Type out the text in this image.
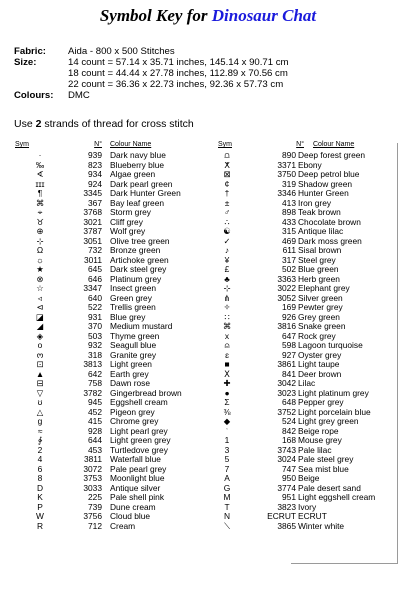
Symbol Key for Dinosaur Chat
Fabric: Aida - 800 x 500 Stitches
Size:	14 count = 57.14 x 35.71 inches, 145.14 x 90.71 cm
18 count = 44.44 x 27.78 inches, 112.89 x 70.56 cm
22 count = 36.36 x 22.73 inches, 92.36 x 57.73 cm
Colours: DMC
Use 2 strands of thread for cross stitch
Sym	N° Colour Name
·	939 Dark navy blue
‰	823 Blueberry blue
∢	934 Algae green
ɪɪɪ	924 Dark pearl green
¶	3345 Dark Hunter Green
⌘	367 Bay leaf green
⌖	3768 Storm grey
♉	3021 Cliff grey
⊕	3787 Wolf grey
⊹	3051 Olive tree green
Ω	732 Bronze green
☼	3011 Artichoke green
★	645 Dark steel grey
⊗	646 Platinum grey
☆	3347 Insect green
◃	640 Green grey
⊲	522 Trellis green
◪	931 Blue grey
◢	370 Medium mustard
◈	503 Thyme green
o	932 Seagull blue
ო	318 Granite grey
⊡	3813 Light green
▲	642 Earth grey
⊟	758 Dawn rose
▽	3782 Gingerbread brown
ʊ	945 Eggshell cream
△	452 Pigeon grey
g	415 Chrome grey
≈	928 Light pearl grey
∳	644 Light green grey
2	453 Turtledove grey
4	3811 Waterfall blue
6	3072 Pale pearl grey
8	3753 Moonlight blue
D	3033 Antique silver
K	225 Pale shell pink
P	739 Dune cream
W	3756 Cloud blue
R	712 Cream
Sym	N° Colour Name
⩍	890 Deep forest green
ⵅ	3371 Ebony
⊠	3750 Deep petrol blue
¢	319 Shadow green
†	3346 Hunter Green
±	413 Iron grey
♂	898 Teak brown
∴	433 Chocolate brown
☯	315 Antique lilac
✓	469 Dark moss green
♪	611 Sisal brown
¥	317 Steel grey
£	502 Blue green
♣	3363 Herb green
⊹	3022 Elephant grey
⋔	3052 Silver green
✧	169 Pewter grey
∷	926 Grey green
⌘	3816 Snake green
x	647 Rock grey
⍝	598 Lagoon turquoise
ɛ	927 Oyster grey
■	3861 Light taupe
Ⅹ	841 Deer brown
✚	3042 Lilac
●	3023 Light platinum grey
Σ	648 Pepper grey
⅜	3752 Light porcelain blue
◆	524 Light grey green
ʿ	842 Beige rope
1	168 Mouse grey
3	3743 Pale lilac
5	3024 Pale steel grey
7	747 Sea mist blue
A	950 Beige
G	3774 Pale desert sand
M	951 Light eggshell cream
T	3823 Ivory
N	ECRUT ECRUT
⟍	3865 Winter white
